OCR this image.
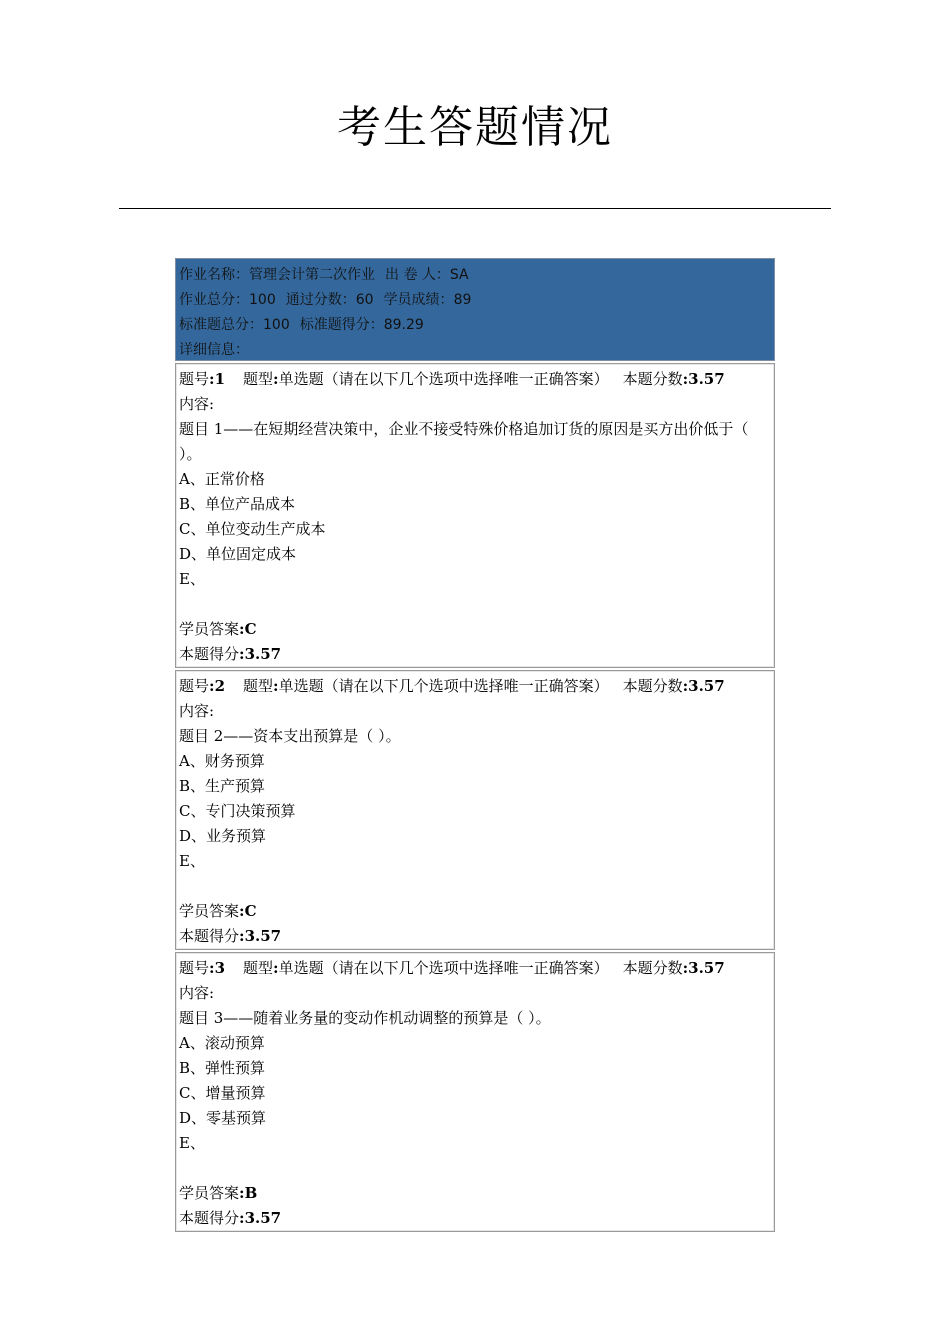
考生答题情况
作业名称：管理会计第二次作业 出 卷 人：SA
作业总分：100 通过分数：60 学员成绩：89
标准题总分：100 标准题得分：89.29
详细信息：
题号:1 题型:单选题（请在以下几个选项中选择唯一正确答案） 本题分数:3.57
内容:
题目 1——在短期经营决策中，企业不接受特殊价格追加订货的原因是买方出价低于（ ）。
A、正常价格
B、单位产品成本
C、单位变动生产成本
D、单位固定成本
E、
学员答案:C
本题得分:3.57
题号:2 题型:单选题（请在以下几个选项中选择唯一正确答案） 本题分数:3.57
内容:
题目 2——资本支出预算是（ ）。
A、财务预算
B、生产预算
C、专门决策预算
D、业务预算
E、
学员答案:C
本题得分:3.57
题号:3 题型:单选题（请在以下几个选项中选择唯一正确答案） 本题分数:3.57
内容:
题目 3——随着业务量的变动作机动调整的预算是（ ）。
A、滚动预算
B、弹性预算
C、增量预算
D、零基预算
E、
学员答案:B
本题得分:3.57
